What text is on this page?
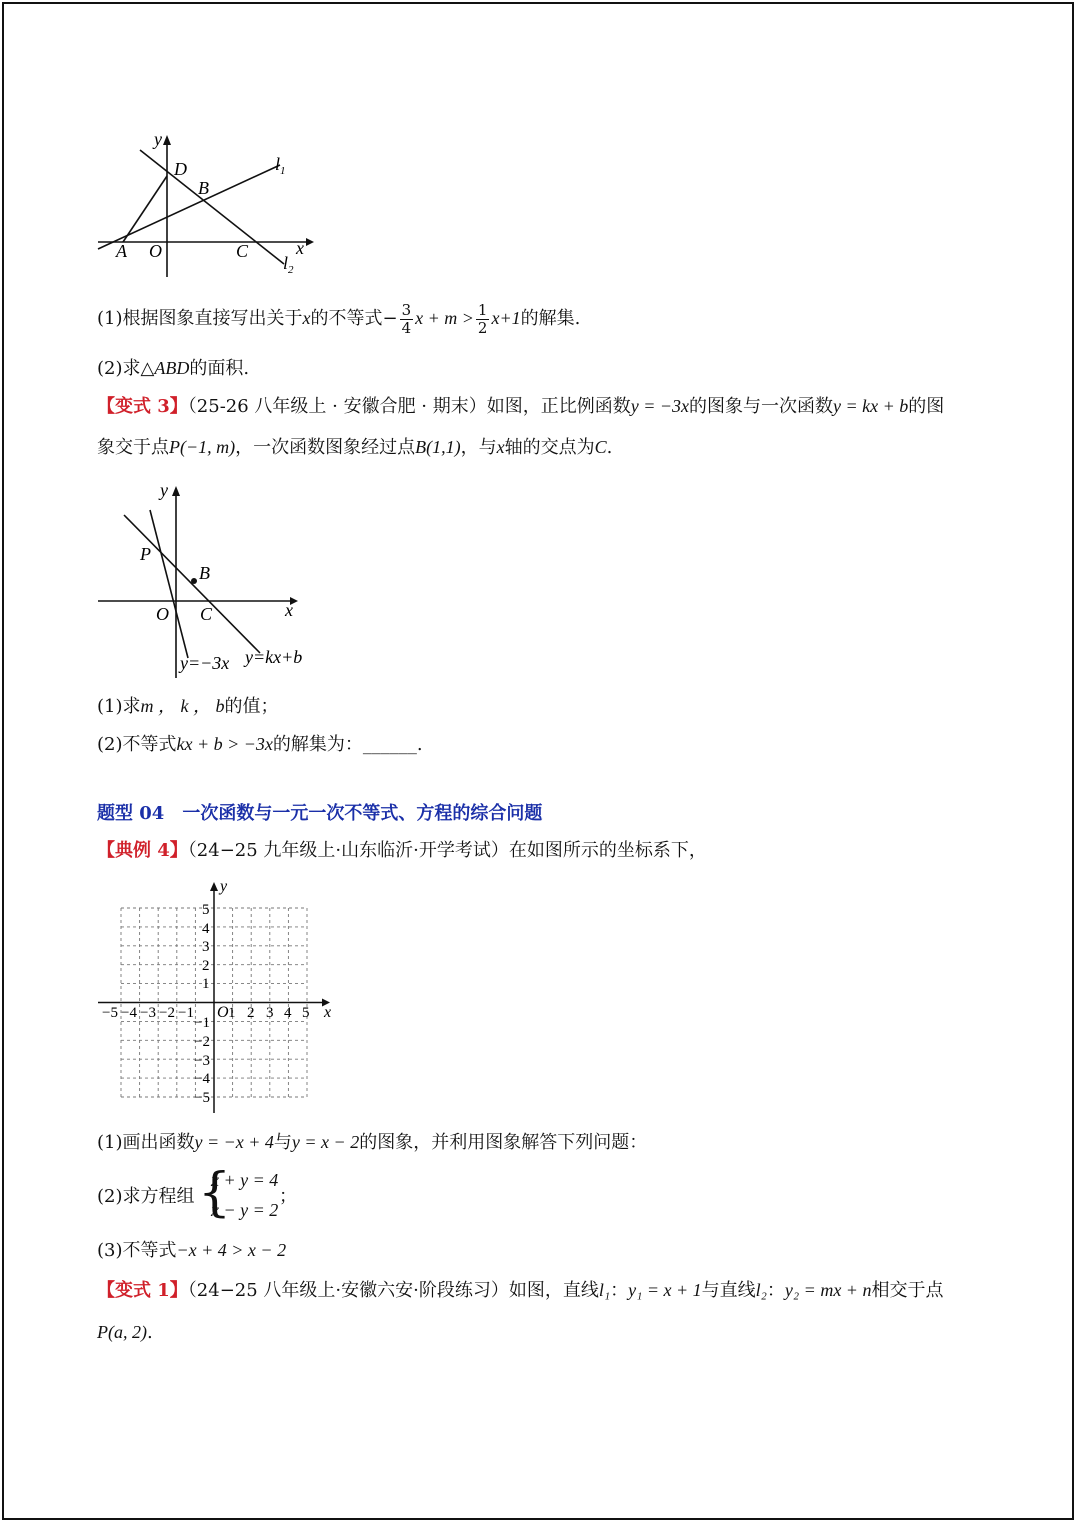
y
x
D
B
A O	C
$l_1$
$l_2$
(1)根据图象直接写出关于x的不等式− $\frac{3}{4}$ $x + m > \frac{1}{2} x+1$的解集.
(2)求△ABD的面积.
【变式 3】（25-26 八年级上 · 安徽合肥 · 期末）如图，正比例函数y = −3x的图象与一次函数y = kx + b的图
象交于点P(−1, m)，一次函数图象经过点B(1,1)，与x轴的交点为C.
y
x
P
B
O C
y=−3x y=kx+b
(1)求m ， k ， b的值；
(2)不等式kx + b > −3x的解集为：______.
题型 04　一次函数与一元一次不等式、方程的综合问题
【典例 4】（24−25 九年级上·山东临沂·开学考试）在如图所示的坐标系下，
y
x
O
−5 −4 −3 −2 −1 1 2 3 4 5
5
4
3
2
1
−1
−2
−3
−4
−5
(1)画出函数y = −x + 4与y = x − 2的图象，并利用图象解答下列问题：
(2)求方程组 {
x + y = 4
x − y = 2
；
(3)不等式−x + 4 > x − 2
【变式 1】（24−25 八年级上·安徽六安·阶段练习）如图，直线l₁：y₁ = x + 1与直线l₂：y₂ = mx + n相交于点
P(a, 2).
